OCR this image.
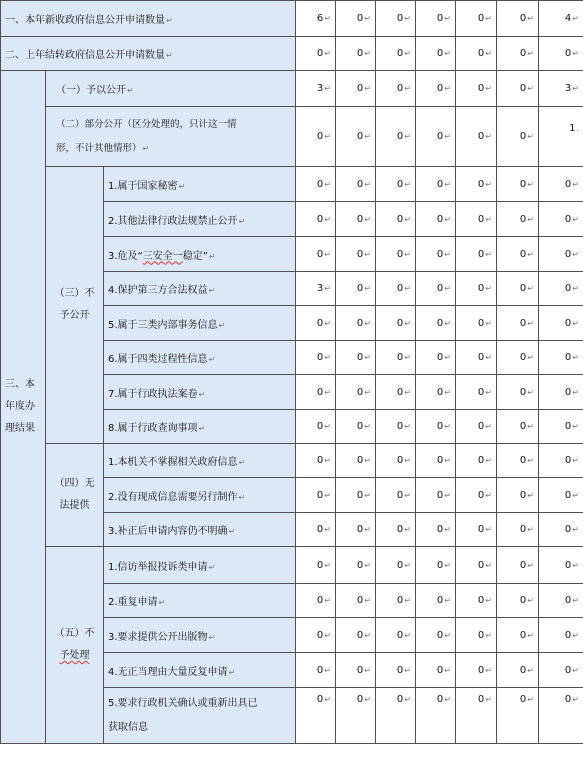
一、本年新收政府信息公开申请数量↵			6↵	0↵	0↵	0↵	0↵	0↵	4↵
二、上年结转政府信息公开申请数量↵			0↵	0↵	0↵	0↵	0↵	0↵	0↵

三、本
年度办
理结果	（一）予以公开↵		3↵	0↵	0↵	0↵	0↵	0↵	3↵

	（二）部分公开（区分处理的，只计这一情
形，不计其他情形）↵		0↵	0↵	0↵	0↵	0↵	0↵	1.

	（三）不
予公开	1.属于国家秘密↵	0↵	0↵	0↵	0↵	0↵	0↵	0↵
		2.其他法律行政法规禁止公开↵	0↵	0↵	0↵	0↵	0↵	0↵	0↵
		3.危及“三安全一稳定”↵	0↵	0↵	0↵	0↵	0↵	0↵	0↵
		4.保护第三方合法权益↵	3↵	0↵	0↵	0↵	0↵	0↵	0↵
		5.属于三类内部事务信息↵	0↵	0↵	0↵	0↵	0↵	0↵	0↵
		6.属于四类过程性信息↵	0↵	0↵	0↵	0↵	0↵	0↵	0↵
		7.属于行政执法案卷↵	0↵	0↵	0↵	0↵	0↵	0↵	0↵
		8.属于行政查询事项↵	0↵	0↵	0↵	0↵	0↵	0↵	0↵

	（四）无
法提供	1.本机关不掌握相关政府信息↵	0↵	0↵	0↵	0↵	0↵	0↵	0↵
		2.没有现成信息需要另行制作↵	0↵	0↵	0↵	0↵	0↵	0↵	0↵
		3.补正后申请内容仍不明确↵	0↵	0↵	0↵	0↵	0↵	0↵	0↵

	（五）不
予处理	1.信访举报投诉类申请↵	0↵	0↵	0↵	0↵	0↵	0↵	0↵
		2.重复申请↵	0↵	0↵	0↵	0↵	0↵	0↵	0↵
		3.要求提供公开出版物↵	0↵	0↵	0↵	0↵	0↵	0↵	0↵
		4.无正当理由大量反复申请↵	0↵	0↵	0↵	0↵	0↵	0↵	0↵

		5.要求行政机关确认或重新出具已
获取信息	0↵	0↵	0↵	0↵	0↵	0↵	0↵
